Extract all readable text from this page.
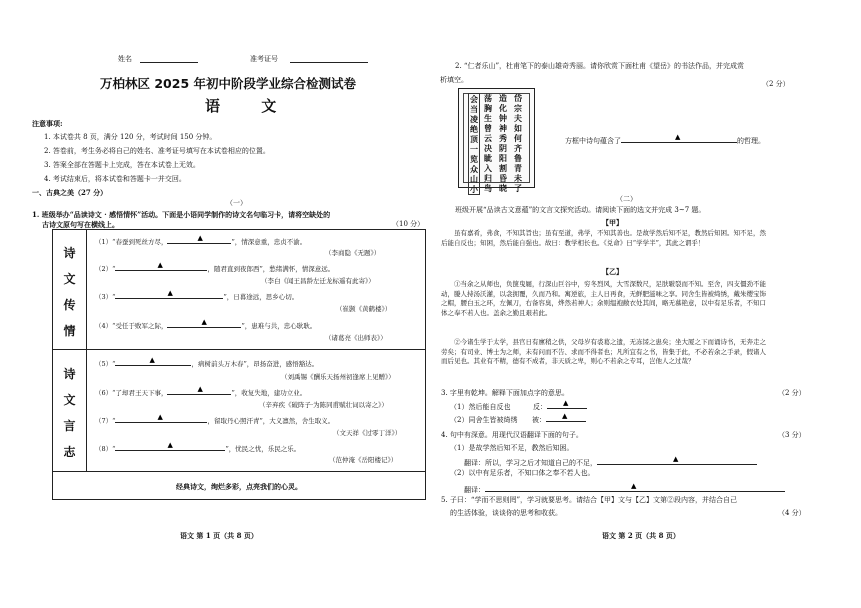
姓名	准考证号
万柏林区 2025 年初中阶段学业综合检测试卷
语 文
注意事项:
1. 本试卷共 8 页，满分 120 分，考试时间 150 分钟。
2. 答卷前，考生务必将自己的姓名、准考证号填写在本试卷相应的位置。
3. 答案全部在答题卡上完成，答在本试卷上无效。
4. 考试结束后，将本试卷和答题卡一并交回。
一、古典之美（27 分）
（一）
1. 班级举办“品读诗文 · 感悟情怀”活动。下面是小语同学制作的诗文名句临习卡，请将空缺处的
古诗文原句写在横线上。	（10 分）
诗
文
传
情
诗
文
言
志
（1）“春蚕到死丝方尽，	▲	”，情深意重，忠贞不渝。
（李商隐《无题》）
（2）“	▲	，随君直到夜郎西”，愁绪满怀，情深意远。
（李白《闻王昌龄左迁龙标遥有此寄》）
（3）“	▲	”，日暮途远，思乡心切。
（崔颢《黄鹤楼》）
（4）“受任于败军之际，	▲	”，患难与共，忠心耿耿。
（诸葛亮《出师表》）
（5）“	▲	，病树前头万木春”，昂扬奋进，感悟豁达。
（刘禹锡《酬乐天扬州初逢席上见赠》）
（6）“了却君王天下事，	▲	”，收复失地，建功立业。
（辛弃疾《破阵子·为陈同甫赋壮词以寄之》）
（7）“	▲	，留取丹心照汗青”，大义凛然，舍生取义。
（文天祥《过零丁洋》）
（8）“	▲	”，忧民之忧，乐民之乐。
（范仲淹《岳阳楼记》）
经典诗文，绚烂多彩，点亮我们的心灵。
语文 第 1 页（共 8 页）
2. “仁者乐山”，杜甫笔下的泰山雄奇秀丽。请你欣赏下面杜甫《望岳》的书法作品，并完成赏
析填空。	（2 分）
岱宗夫如何齐鲁青未了
造化钟神秀阴阳割昏晓
荡胸生曾云决眦入归鸟
会当凌绝顶一览众山小
方框中诗句蕴含了	▲	的哲理。
（二）
班级开展“品读古文意蕴”的文言文探究活动。请阅读下面的选文并完成 3~7 题。
【甲】
虽有嘉肴，弗食，不知其旨也；虽有至道，弗学，不知其善也。是故学然后知不足，教然后知困。知不足，然后能自反也；知困，然后能自强也。故曰：教学相长也。《兑命》曰“学学半”，其此之谓乎！
【乙】
①当余之从师也，负箧曳屣，行深山巨谷中，穷冬烈风，大雪深数尺，足肤皲裂而不知。至舍，四支僵劲不能动，媵人持汤沃灌，以衾拥覆，久而乃和。寓逆旅，主人日再食，无鲜肥滋味之享。同舍生皆被绮绣，戴朱缨宝饰之帽，腰白玉之环，左佩刀，右备容臭，烨然若神人；余则缊袍敝衣处其间，略无慕艳意，以中有足乐者，不知口体之奉不若人也。盖余之勤且艰若此。
②今诸生学于太学，县官日有廪稍之供，父母岁有裘葛之遗，无冻馁之患矣；坐大厦之下而诵诗书，无奔走之劳矣；有司业、博士为之师，未有问而不告、求而不得者也；凡所宜有之书，皆集于此，不必若余之手录，假诸人而后见也。其业有不精，德有不成者，非天质之卑，则心不若余之专耳，岂他人之过哉？
3. 字里有乾坤。解释下面加点字的意思。	（2 分）
（1）然后能自反也	反： ▲
（2）同舍生皆被绮绣 被： ▲
4. 句中有深意。用现代汉语翻译下面的句子。	（3 分）
（1）是故学然后知不足，教然后知困。
翻译：所以，学习之后才知道自己的不足，	▲
（2）以中有足乐者，不知口体之奉不若人也。
翻译：	▲
5. 子曰：“学而不思则罔”，学习就要思考。请结合【甲】文与【乙】文第②段内容，并结合自己
的生活体验，谈谈你的思考和收获。	（4 分）
语文 第 2 页（共 8 页）
